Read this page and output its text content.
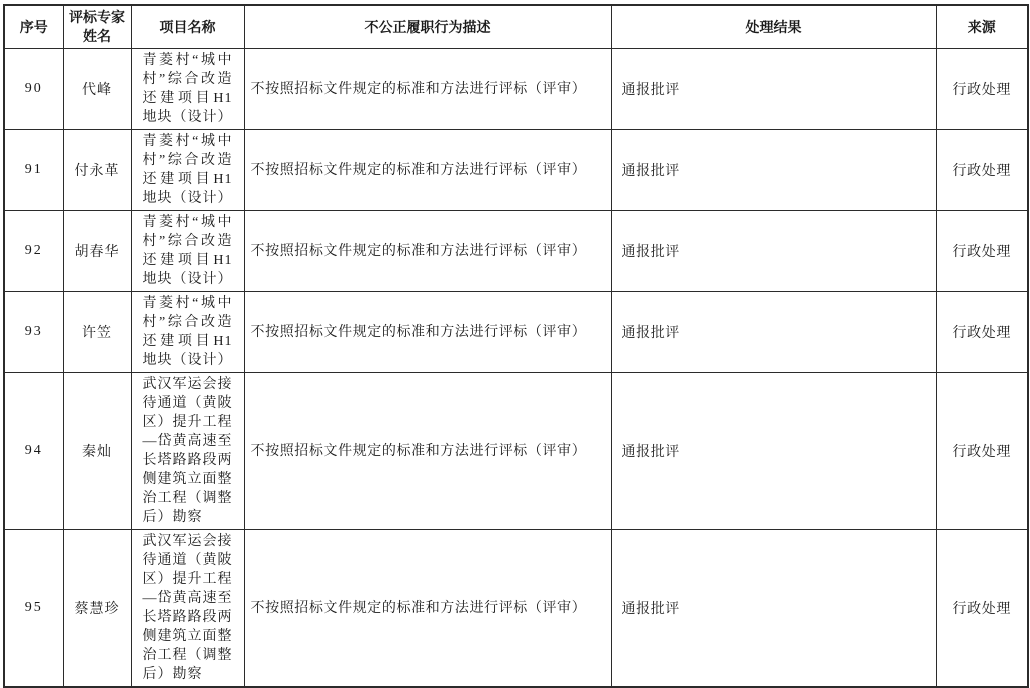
序号	评标专家姓名	项目名称	不公正履职行为描述	处理结果	来源
90	代峰	青菱村“城中村”综合改造还建项目H1地块（设计）	不按照招标文件规定的标准和方法进行评标（评审）	通报批评	行政处理
91	付永革	青菱村“城中村”综合改造还建项目H1地块（设计）	不按照招标文件规定的标准和方法进行评标（评审）	通报批评	行政处理
92	胡春华	青菱村“城中村”综合改造还建项目H1地块（设计）	不按照招标文件规定的标准和方法进行评标（评审）	通报批评	行政处理
93	许笠	青菱村“城中村”综合改造还建项目H1地块（设计）	不按照招标文件规定的标准和方法进行评标（评审）	通报批评	行政处理
94	秦灿	武汉军运会接待通道（黄陂区）提升工程—岱黄高速至长塔路路段两侧建筑立面整治工程（调整后）勘察	不按照招标文件规定的标准和方法进行评标（评审）	通报批评	行政处理
95	蔡慧珍	武汉军运会接待通道（黄陂区）提升工程—岱黄高速至长塔路路段两侧建筑立面整治工程（调整后）勘察	不按照招标文件规定的标准和方法进行评标（评审）	通报批评	行政处理
